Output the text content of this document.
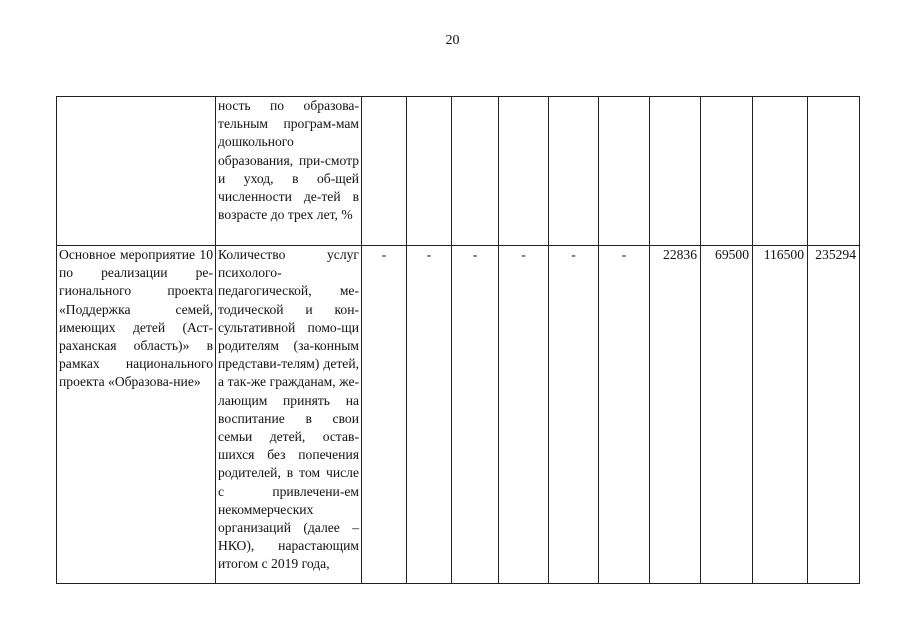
20

	ность по образова-тельным програм-мам дошкольного образования, при-смотр и уход, в об-щей численности де-тей в возрасте до трех лет, %										

Основное мероприятие 10 по реализации ре-гионального проекта «Поддержка семей, имеющих детей (Аст-раханская область)» в рамках национального проекта «Образова-ние»	Количество услуг психолого-педагогической, ме-тодической и кон-сультативной помо-щи родителям (за-конным представи-телям) детей, а так-же гражданам, же-лающим принять на воспитание в свои семьи детей, остав-шихся без попечения родителей, в том числе с привлечени-ем некоммерческих организаций (далее – НКО), нарастающим итогом с 2019 года,	-	-	-	-	-	-	22836	69500	116500	235294
